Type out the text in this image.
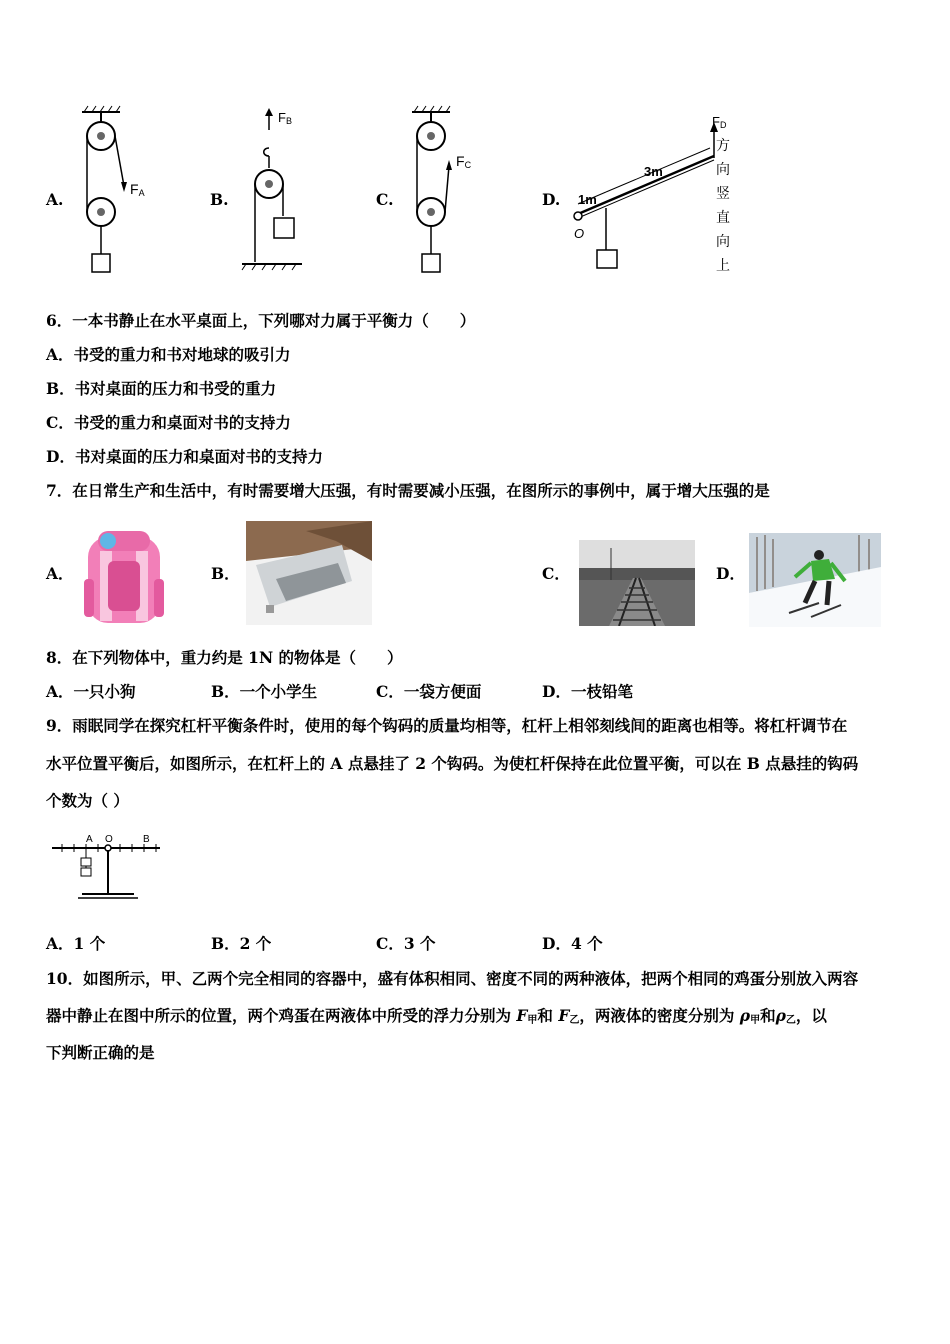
A.
FA	B.
FB
C.
FC
D.
FD
O
1m
3m
方
向
竖
直
向
上
6．一本书静止在水平桌面上，下列哪对力属于平衡力（　　）
A．书受的重力和书对地球的吸引力
B．书对桌面的压力和书受的重力
C．书受的重力和桌面对书的支持力
D．书对桌面的压力和桌面对书的支持力
7．在日常生产和生活中，有时需要增大压强，有时需要减小压强，在图所示的事例中，属于增大压强的是
A．	B．	C．	D．
8．在下列物体中，重力约是 1N 的物体是（　　）
A．一只小狗	B．一个小学生	C．一袋方便面	D．一枝铅笔
9．雨眠同学在探究杠杆平衡条件时，使用的每个钩码的质量均相等，杠杆上相邻刻线间的距离也相等。将杠杆调节在
水平位置平衡后，如图所示，在杠杆上的 A 点悬挂了 2 个钩码。为使杠杆保持在此位置平衡，可以在 B 点悬挂的钩码
个数为（ ）
A O	B
A．1 个	B．2 个	C．3 个	D．4 个
10．如图所示，甲、乙两个完全相同的容器中，盛有体积相同、密度不同的两种液体，把两个相同的鸡蛋分别放入两容
器中静止在图中所示的位置，两个鸡蛋在两液体中所受的浮力分别为 $F_甲$和 $F_乙$，两液体的密度分别为 $\rho_甲$和$\rho_乙$，以
下判断正确的是
